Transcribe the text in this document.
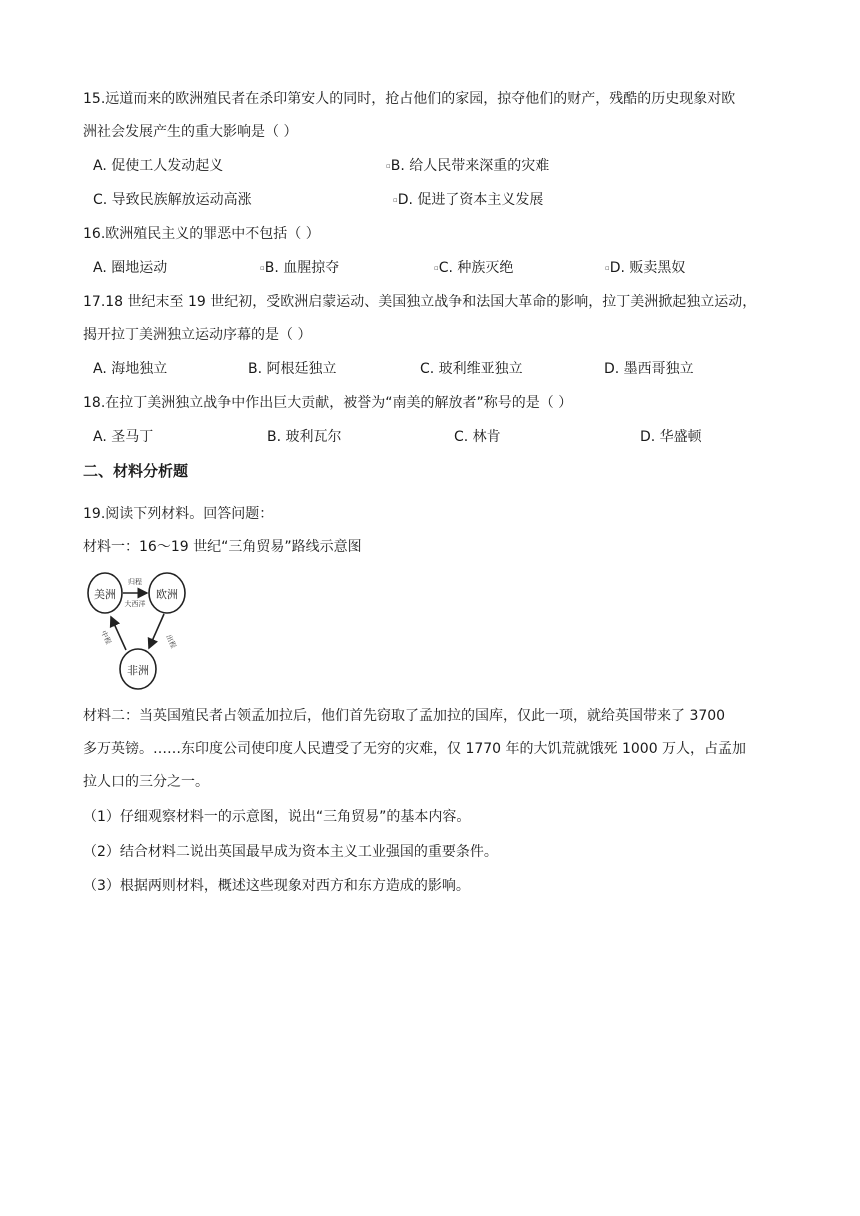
15.远道而来的欧洲殖民者在杀印第安人的同时，抢占他们的家园，掠夺他们的财产，残酷的历史现象对欧
洲社会发展产生的重大影响是（ ）
A. 促使工人发动起义	▫B. 给人民带来深重的灾难
C. 导致民族解放运动高涨	▫D. 促进了资本主义发展
16.欧洲殖民主义的罪恶中不包括（ ）
A. 圈地运动	▫B. 血腥掠夺	▫C. 种族灭绝	▫D. 贩卖黑奴
17.18 世纪末至 19 世纪初，受欧洲启蒙运动、美国独立战争和法国大革命的影响，拉丁美洲掀起独立运动，
揭开拉丁美洲独立运动序幕的是（ ）
A. 海地独立	B. 阿根廷独立	C. 玻利维亚独立	D. 墨西哥独立
18.在拉丁美洲独立战争中作出巨大贡献，被誉为“南美的解放者”称号的是（ ）
A. 圣马丁	B. 玻利瓦尔	C. 林肯	D. 华盛顿
二、材料分析题
19.阅读下列材料。回答问题：
材料一：16～19 世纪“三角贸易”路线示意图
美洲	欧洲
非洲
归程
大西洋
出程
中程
材料二：当英国殖民者占领孟加拉后，他们首先窃取了孟加拉的国库，仅此一项，就给英国带来了 3700
多万英镑。……东印度公司使印度人民遭受了无穷的灾难，仅 1770 年的大饥荒就饿死 1000 万人，占孟加
拉人口的三分之一。
（1）仔细观察材料一的示意图，说出“三角贸易”的基本内容。
（2）结合材料二说出英国最早成为资本主义工业强国的重要条件。
（3）根据两则材料，概述这些现象对西方和东方造成的影响。
